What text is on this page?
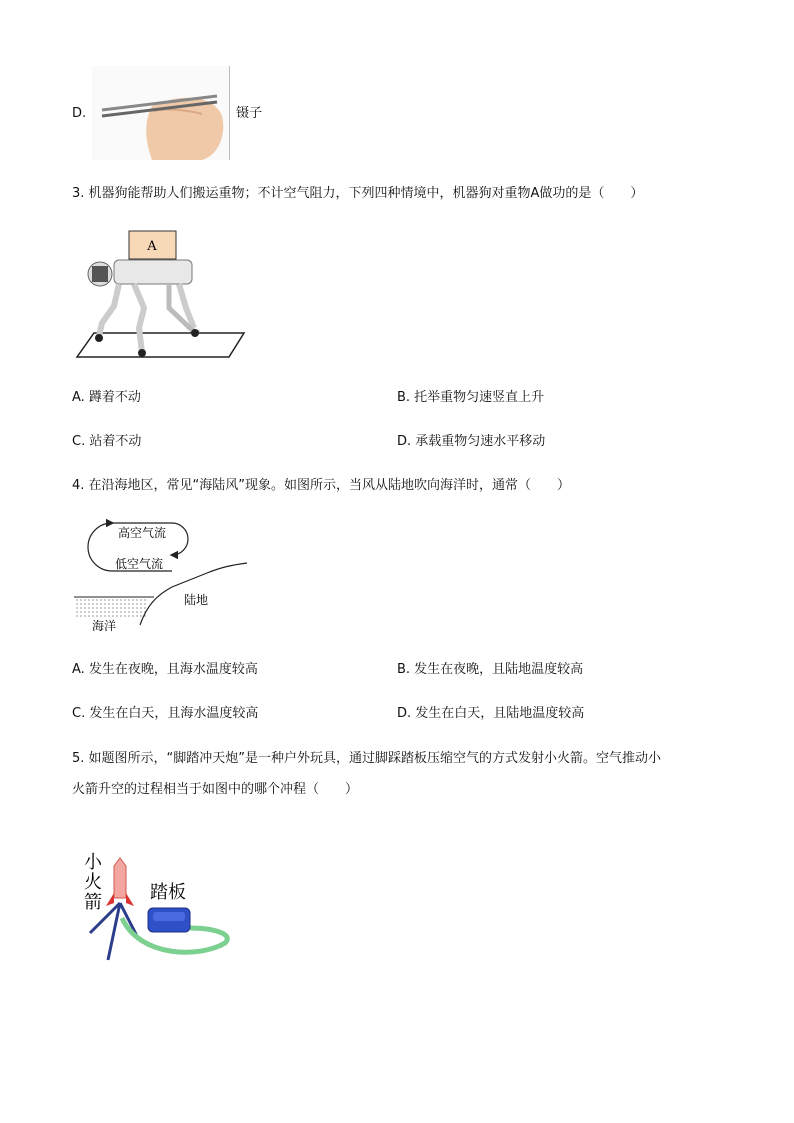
D.	镊子
3. 机器狗能帮助人们搬运重物；不计空气阻力，下列四种情境中，机器狗对重物A做功的是（　　）
A
A. 蹲着不动	B. 托举重物匀速竖直上升
C. 站着不动	D. 承载重物匀速水平移动
4. 在沿海地区，常见“海陆风”现象。如图所示，当风从陆地吹向海洋时，通常（　　）
高空气流
低空气流
陆地
海洋
A. 发生在夜晚，且海水温度较高	B. 发生在夜晚，且陆地温度较高
C. 发生在白天，且海水温度较高	D. 发生在白天，且陆地温度较高
5. 如题图所示，“脚踏冲天炮”是一种户外玩具，通过脚踩踏板压缩空气的方式发射小火箭。空气推动小
火箭升空的过程相当于如图中的哪个冲程（　　）
小
火
箭	踏板
